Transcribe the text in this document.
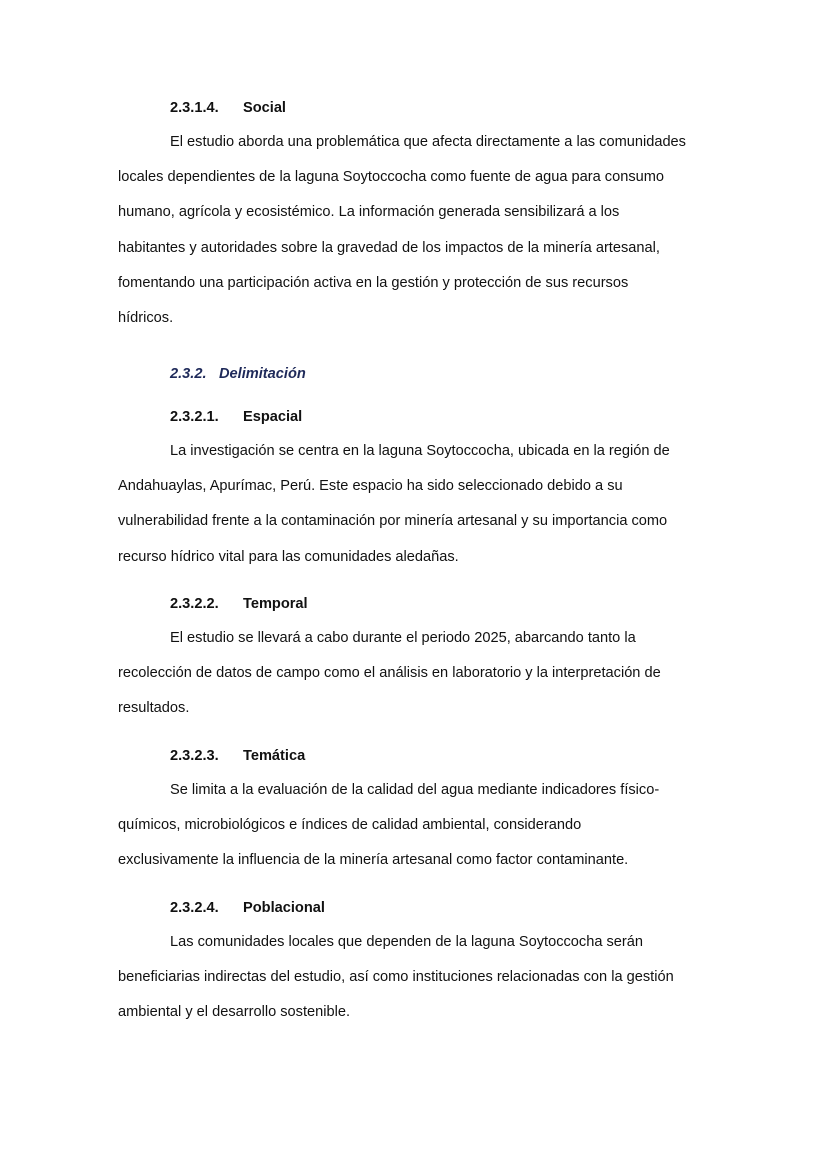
2.3.1.4. Social
El estudio aborda una problemática que afecta directamente a las comunidades
locales dependientes de la laguna Soytoccocha como fuente de agua para consumo
humano, agrícola y ecosistémico. La información generada sensibilizará a los
habitantes y autoridades sobre la gravedad de los impactos de la minería artesanal,
fomentando una participación activa en la gestión y protección de sus recursos
hídricos.
2.3.2. Delimitación
2.3.2.1. Espacial
La investigación se centra en la laguna Soytoccocha, ubicada en la región de
Andahuaylas, Apurímac, Perú. Este espacio ha sido seleccionado debido a su
vulnerabilidad frente a la contaminación por minería artesanal y su importancia como
recurso hídrico vital para las comunidades aledañas.
2.3.2.2. Temporal
El estudio se llevará a cabo durante el periodo 2025, abarcando tanto la
recolección de datos de campo como el análisis en laboratorio y la interpretación de
resultados.
2.3.2.3. Temática
Se limita a la evaluación de la calidad del agua mediante indicadores físico-
químicos, microbiológicos e índices de calidad ambiental, considerando
exclusivamente la influencia de la minería artesanal como factor contaminante.
2.3.2.4. Poblacional
Las comunidades locales que dependen de la laguna Soytoccocha serán
beneficiarias indirectas del estudio, así como instituciones relacionadas con la gestión
ambiental y el desarrollo sostenible.
